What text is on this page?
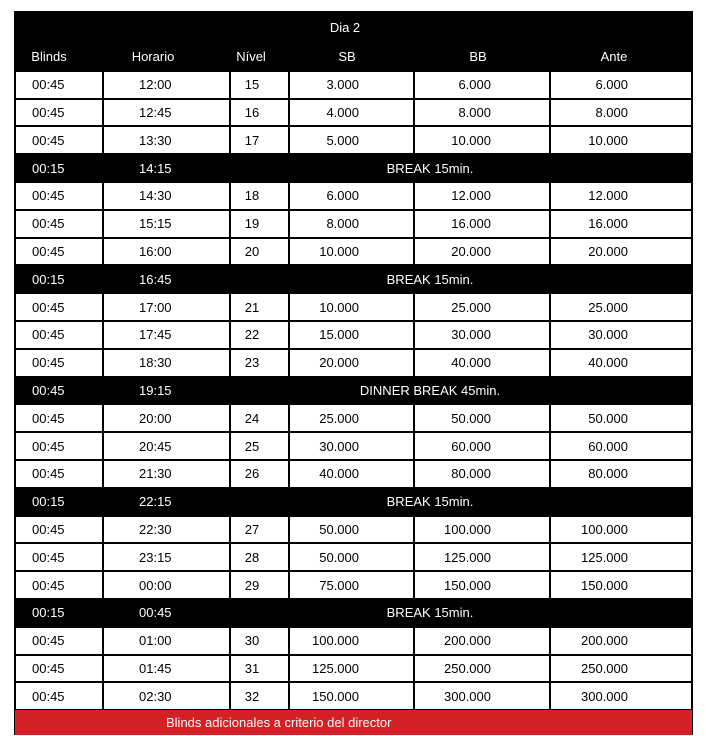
Dia 2
Blinds	Horario	Nível	SB	BB	Ante
00:45	12:00	15	3.000	6.000	6.000
00:45	12:45	16	4.000	8.000	8.000
00:45	13:30	17	5.000	10.000	10.000
00:15	14:15	BREAK 15min.
00:45	14:30	18	6.000	12.000	12.000
00:45	15:15	19	8.000	16.000	16.000
00:45	16:00	20	10.000	20.000	20.000
00:15	16:45	BREAK 15min.
00:45	17:00	21	10.000	25.000	25.000
00:45	17:45	22	15.000	30.000	30.000
00:45	18:30	23	20.000	40.000	40.000
00:45	19:15	DINNER BREAK 45min.
00:45	20:00	24	25.000	50.000	50.000
00:45	20:45	25	30.000	60.000	60.000
00:45	21:30	26	40.000	80.000	80.000
00:15	22:15	BREAK 15min.
00:45	22:30	27	50.000	100.000	100.000
00:45	23:15	28	50.000	125.000	125.000
00:45	00:00	29	75.000	150.000	150.000
00:15	00:45	BREAK 15min.
00:45	01:00	30	100.000	200.000	200.000
00:45	01:45	31	125.000	250.000	250.000
00:45	02:30	32	150.000	300.000	300.000
Blinds adicionales a criterio del director
